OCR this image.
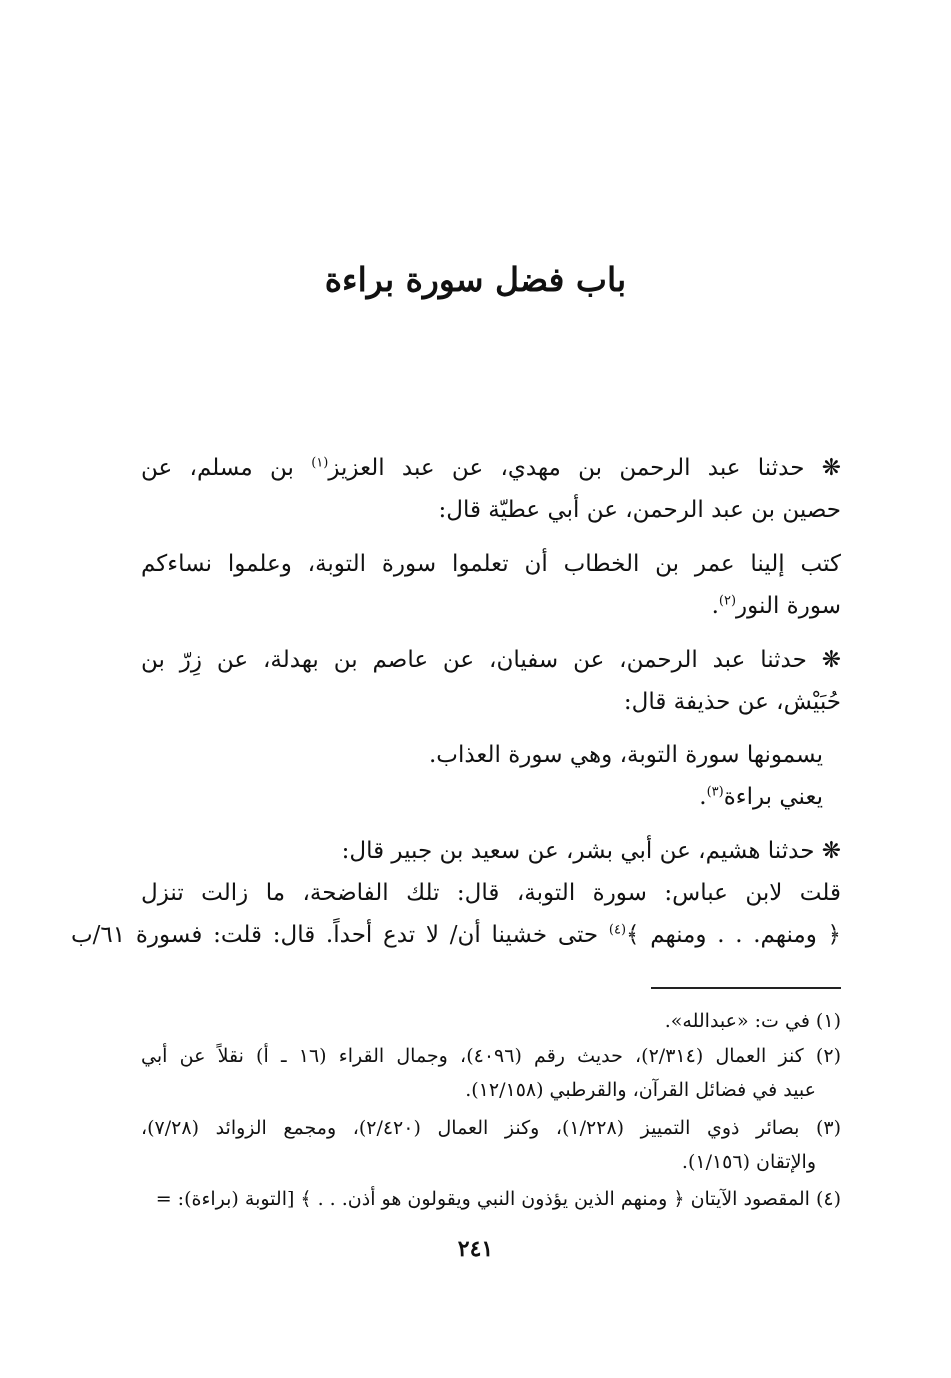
باب فضل سورة براءة
❋ حدثنا عبد الرحمن بن مهدي، عن عبد العزيز$^{(١)}$ بن مسلم، عن
حصين بن عبد الرحمن، عن أبي عطيّة قال:
كتب إلينا عمر بن الخطاب أن تعلموا سورة التوبة، وعلموا نساءكم
سورة النور$^{(٢)}$.
❋ حدثنا عبد الرحمن، عن سفيان، عن عاصم بن بهدلة، عن زِرّ بن
حُبَيْش، عن حذيفة قال:
يسمونها سورة التوبة، وهي سورة العذاب.
يعني براءة$^{(٣)}$.
❋ حدثنا هشيم، عن أبي بشر، عن سعيد بن جبير قال:
قلت لابن عباس: سورة التوبة، قال: تلك الفاضحة، ما زالت تنزل
﴿ ومنهم. . . ومنهم ﴾$^{(٤)}$ حتى خشينا أن/ لا تدع أحداً. قال: قلت: فسورة ٦١/ب
(١) في ت: «عبدالله».
(٢) كنز العمال (٢/٣١٤)، حديث رقم (٤٠٩٦)، وجمال القراء (١٦ ـ أ) نقلاً عن أبي
عبيد في فضائل القرآن، والقرطبي (١٢/١٥٨).
(٣) بصائر ذوي التمييز (١/٢٢٨)، وكنز العمال (٢/٤٢٠)، ومجمع الزوائد (٧/٢٨)،
والإتقان (١/١٥٦).
(٤) المقصود الآيتان ﴿ ومنهم الذين يؤذون النبي ويقولون هو أذن. . . ﴾ [التوبة (براءة): =
٢٤١
